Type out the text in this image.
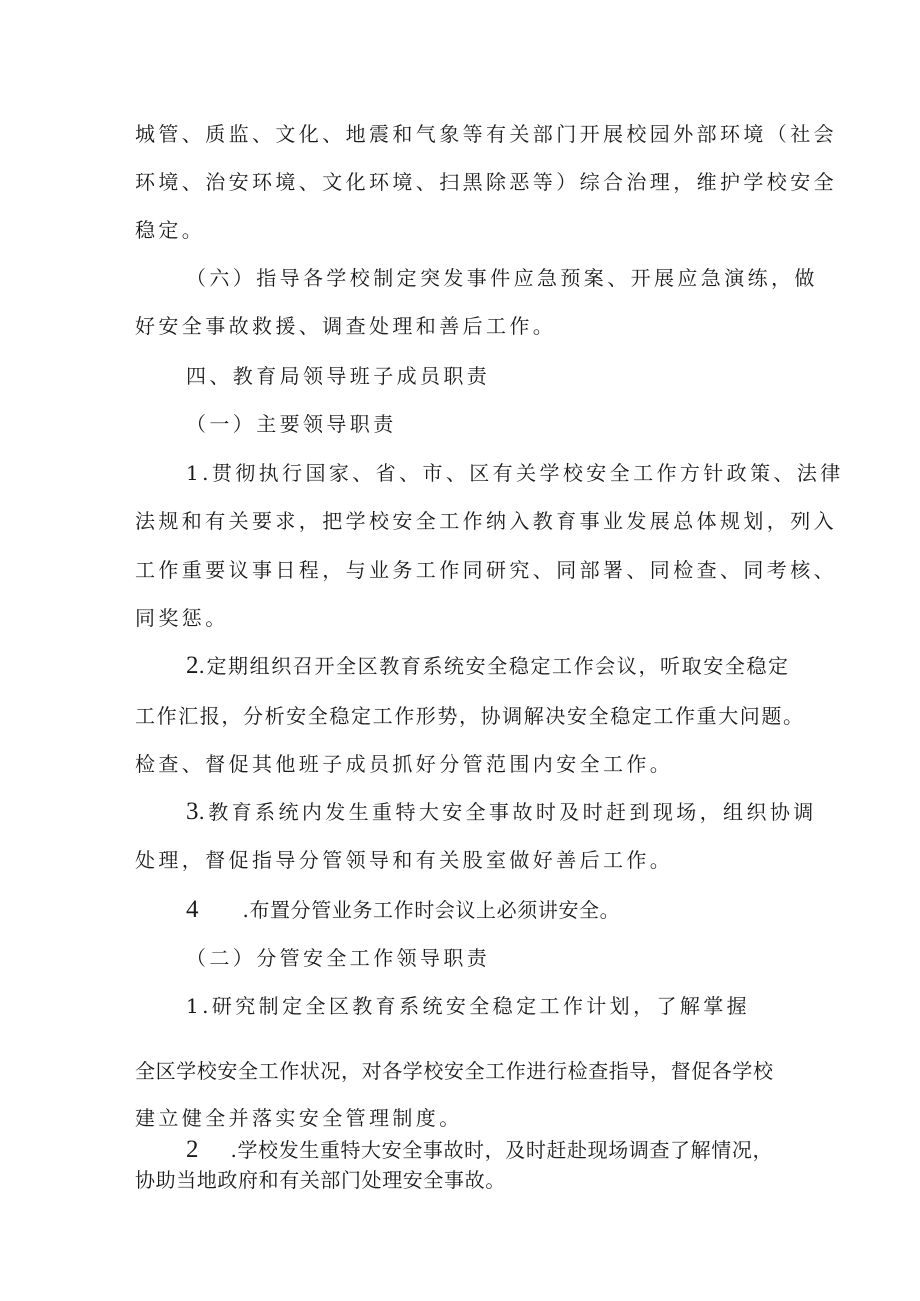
城管、质监、文化、地震和气象等有关部门开展校园外部环境（社会
环境、治安环境、文化环境、扫黑除恶等）综合治理，维护学校安全
稳定。
（六）指导各学校制定突发事件应急预案、开展应急演练，做
好安全事故救援、调查处理和善后工作。
四、教育局领导班子成员职责
（一）主要领导职责
1.贯彻执行国家、省、市、区有关学校安全工作方针政策、法律
法规和有关要求，把学校安全工作纳入教育事业发展总体规划，列入
工作重要议事日程，与业务工作同研究、同部署、同检查、同考核、
同奖惩。
2.定期组织召开全区教育系统安全稳定工作会议，听取安全稳定
工作汇报，分析安全稳定工作形势，协调解决安全稳定工作重大问题。
检查、督促其他班子成员抓好分管范围内安全工作。
3.教育系统内发生重特大安全事故时及时赶到现场，组织协调
处理，督促指导分管领导和有关股室做好善后工作。
4 .布置分管业务工作时会议上必须讲安全。
（二）分管安全工作领导职责
1.研究制定全区教育系统安全稳定工作计划，了解掌握
全区学校安全工作状况，对各学校安全工作进行检查指导，督促各学校
建立健全并落实安全管理制度。
2 .学校发生重特大安全事故时，及时赶赴现场调查了解情况，
协助当地政府和有关部门处理安全事故。
